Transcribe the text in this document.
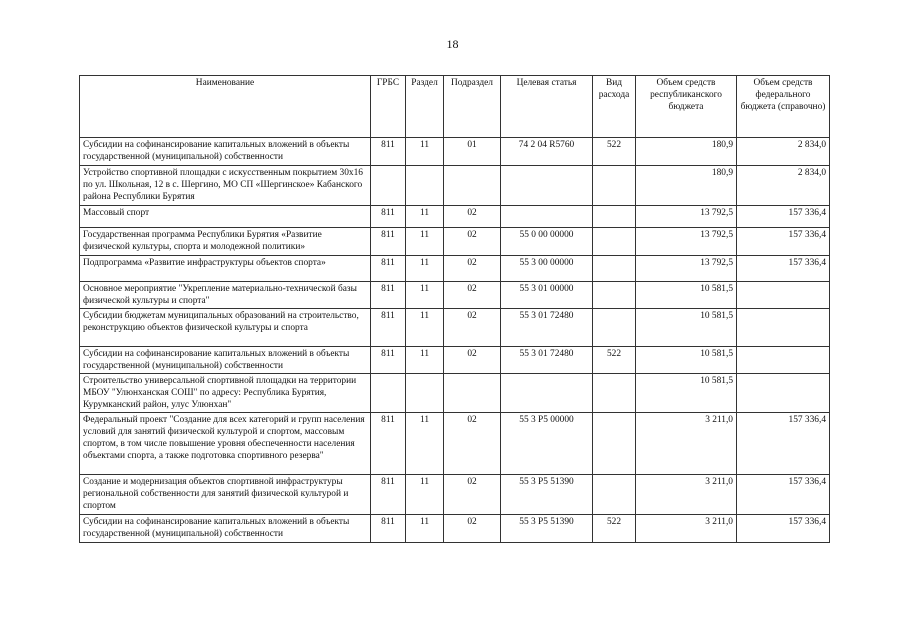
18
Наименование	ГРБС	Раздел	Подраздел	Целевая статья	Вид расхода	Объем средств республиканского бюджета	Объем средств федерального бюджета (справочно)
Субсидии на софинансирование капитальных вложений в объекты государственной (муниципальной) собственности	811	11	01	74 2 04 R5760	522	180,9	2 834,0
Устройство спортивной площадки с искусственным покрытием 30х16 по ул. Школьная, 12 в с. Шергино, МО СП «Шергинское» Кабанского района Республики Бурятия						180,9	2 834,0
Массовый спорт	811	11	02			13 792,5	157 336,4
Государственная программа Республики Бурятия «Развитие физической культуры, спорта и молодежной политики»	811	11	02	55 0 00 00000		13 792,5	157 336,4
Подпрограмма «Развитие инфраструктуры объектов спорта»	811	11	02	55 3 00 00000		13 792,5	157 336,4
Основное мероприятие "Укрепление материально-технической базы физической культуры и спорта"	811	11	02	55 3 01 00000		10 581,5	
Субсидии бюджетам муниципальных образований на строительство, реконструкцию объектов физической культуры и спорта	811	11	02	55 3 01 72480		10 581,5	
Субсидии на софинансирование капитальных вложений в объекты государственной (муниципальной) собственности	811	11	02	55 3 01 72480	522	10 581,5	
Строительство универсальной спортивной площадки на территории МБОУ "Улюнханская СОШ" по адресу: Республика Бурятия, Курумканский район, улус Улюнхан"						10 581,5	
Федеральный проект "Создание для всех категорий и групп населения условий для занятий физической культурой и спортом, массовым спортом, в том числе повышение уровня обеспеченности населения объектами спорта, а также подготовка спортивного резерва"	811	11	02	55 3 P5 00000		3 211,0	157 336,4
Создание и модернизация объектов спортивной инфраструктуры региональной собственности для занятий физической культурой и спортом	811	11	02	55 3 P5 51390		3 211,0	157 336,4
Субсидии на софинансирование капитальных вложений в объекты государственной (муниципальной) собственности	811	11	02	55 3 P5 51390	522	3 211,0	157 336,4
